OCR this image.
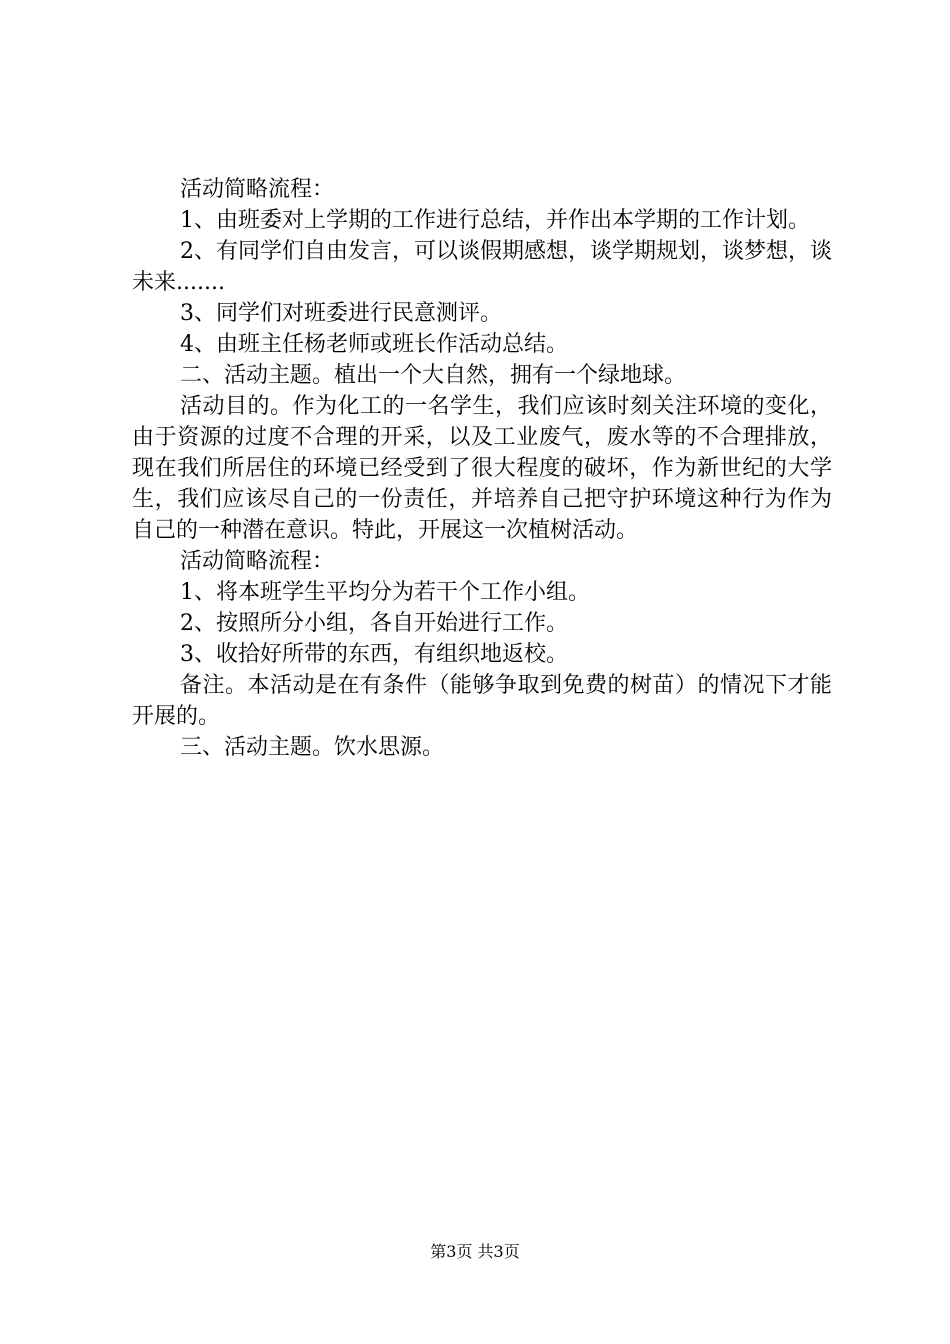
活动简略流程：

1、由班委对上学期的工作进行总结，并作出本学期的工作计划。

2、有同学们自由发言，可以谈假期感想，谈学期规划，谈梦想，谈未来.......

3、同学们对班委进行民意测评。

4、由班主任杨老师或班长作活动总结。

二、活动主题。植出一个大自然，拥有一个绿地球。

活动目的。作为化工的一名学生，我们应该时刻关注环境的变化，由于资源的过度不合理的开采，以及工业废气，废水等的不合理排放，现在我们所居住的环境已经受到了很大程度的破坏，作为新世纪的大学生，我们应该尽自己的一份责任，并培养自己把守护环境这种行为作为自己的一种潜在意识。特此，开展这一次植树活动。

活动简略流程：

1、将本班学生平均分为若干个工作小组。

2、按照所分小组，各自开始进行工作。

3、收拾好所带的东西，有组织地返校。

备注。本活动是在有条件（能够争取到免费的树苗）的情况下才能开展的。

三、活动主题。饮水思源。

第3页 共3页
